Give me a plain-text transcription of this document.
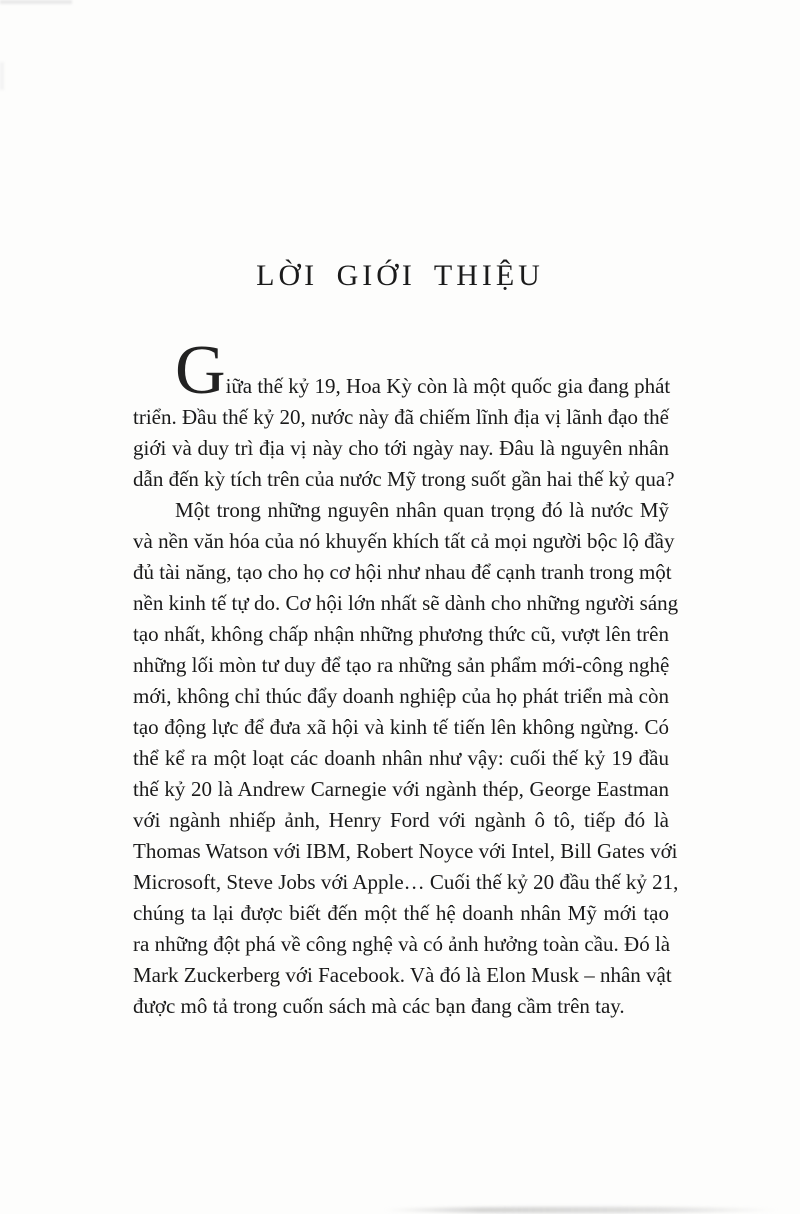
LỜI GIỚI THIỆU
Giữa thế kỷ 19, Hoa Kỳ còn là một quốc gia đang phát
triển. Đầu thế kỷ 20, nước này đã chiếm lĩnh địa vị lãnh đạo thế
giới và duy trì địa vị này cho tới ngày nay. Đâu là nguyên nhân
dẫn đến kỳ tích trên của nước Mỹ trong suốt gần hai thế kỷ qua?
Một trong những nguyên nhân quan trọng đó là nước Mỹ
và nền văn hóa của nó khuyến khích tất cả mọi người bộc lộ đầy
đủ tài năng, tạo cho họ cơ hội như nhau để cạnh tranh trong một
nền kinh tế tự do. Cơ hội lớn nhất sẽ dành cho những người sáng
tạo nhất, không chấp nhận những phương thức cũ, vượt lên trên
những lối mòn tư duy để tạo ra những sản phẩm mới-công nghệ
mới, không chỉ thúc đẩy doanh nghiệp của họ phát triển mà còn
tạo động lực để đưa xã hội và kinh tế tiến lên không ngừng. Có
thể kể ra một loạt các doanh nhân như vậy: cuối thế kỷ 19 đầu
thế kỷ 20 là Andrew Carnegie với ngành thép, George Eastman
với ngành nhiếp ảnh, Henry Ford với ngành ô tô, tiếp đó là
Thomas Watson với IBM, Robert Noyce với Intel, Bill Gates với
Microsoft, Steve Jobs với Apple… Cuối thế kỷ 20 đầu thế kỷ 21,
chúng ta lại được biết đến một thế hệ doanh nhân Mỹ mới tạo
ra những đột phá về công nghệ và có ảnh hưởng toàn cầu. Đó là
Mark Zuckerberg với Facebook. Và đó là Elon Musk – nhân vật
được mô tả trong cuốn sách mà các bạn đang cầm trên tay.
